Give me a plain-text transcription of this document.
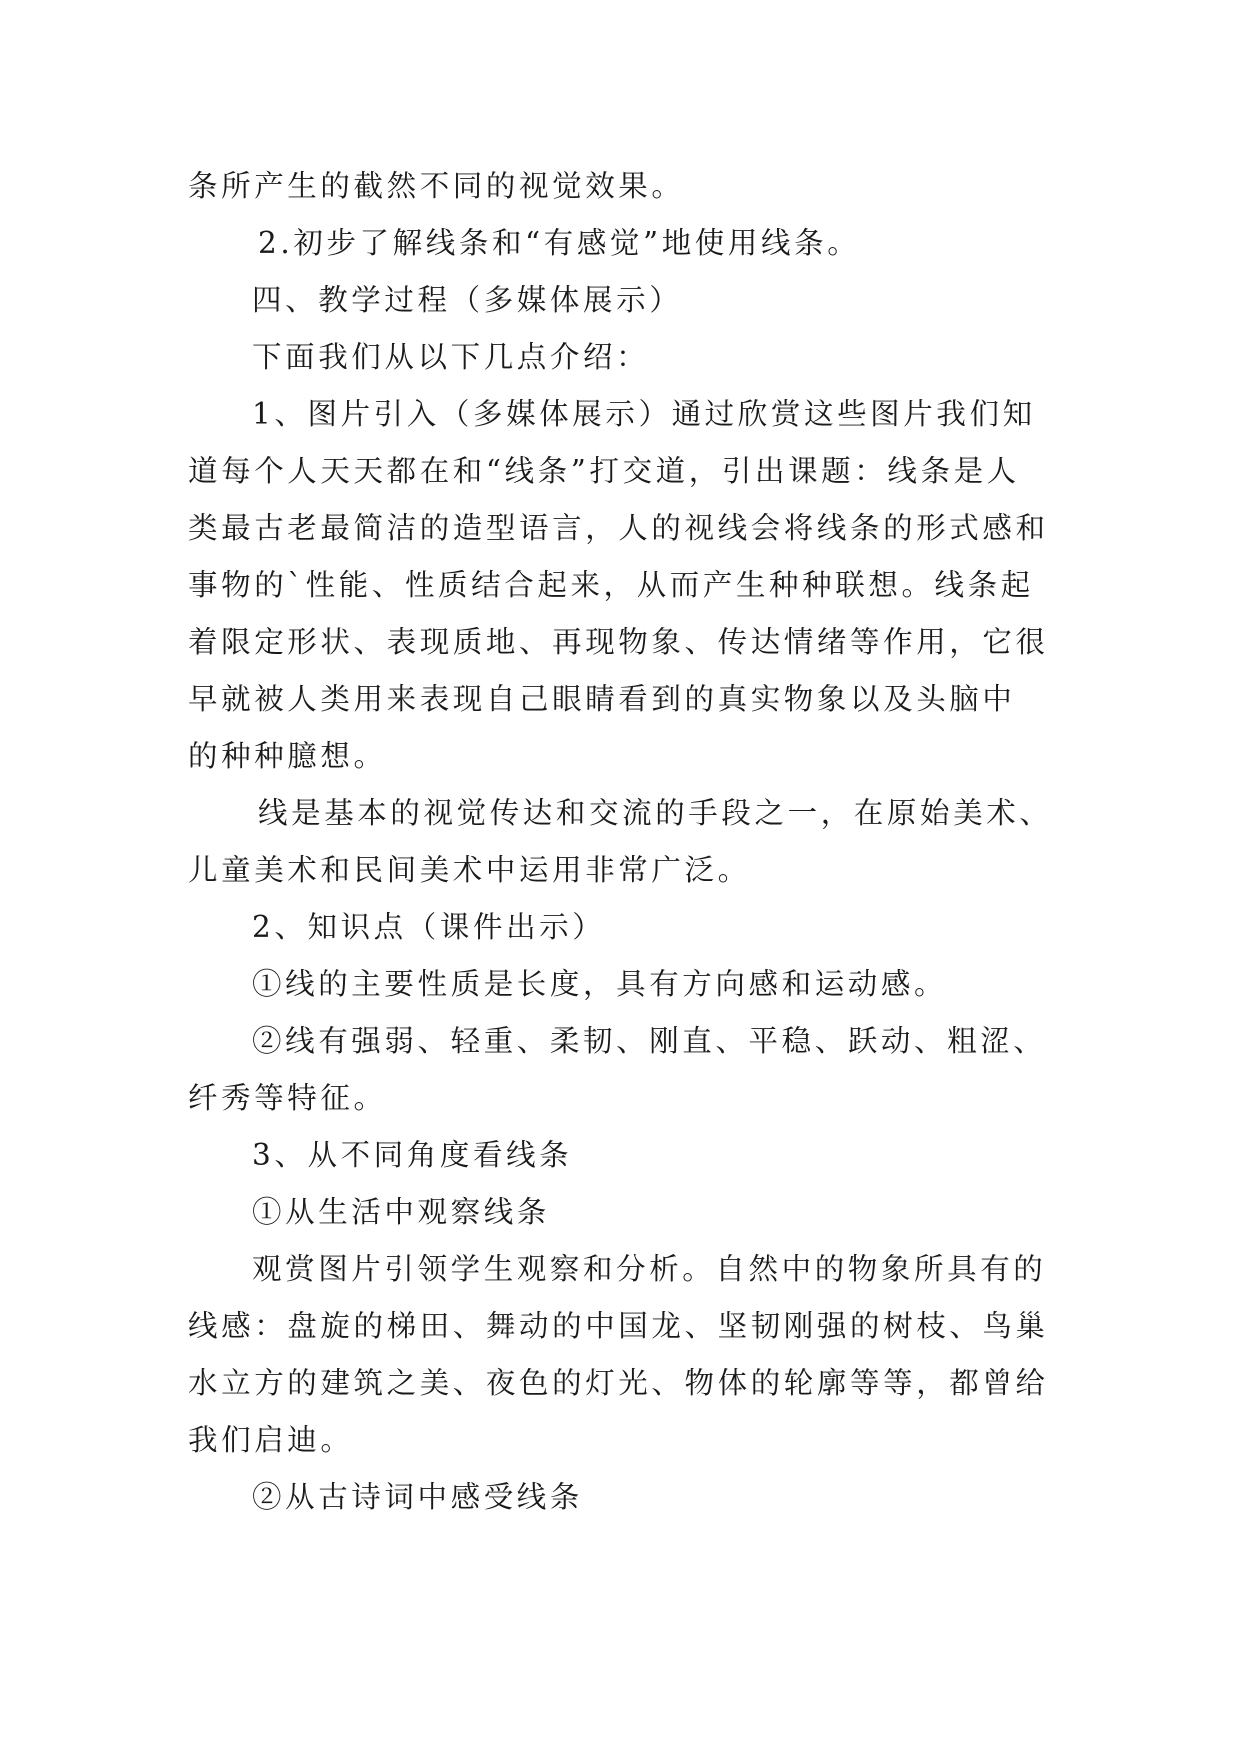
条所产生的截然不同的视觉效果。
2.初步了解线条和“有感觉”地使用线条。
四、教学过程（多媒体展示）
下面我们从以下几点介绍：
1、图片引入（多媒体展示）通过欣赏这些图片我们知
道每个人天天都在和“线条”打交道，引出课题：线条是人
类最古老最简洁的造型语言，人的视线会将线条的形式感和
事物的`性能、性质结合起来，从而产生种种联想。线条起
着限定形状、表现质地、再现物象、传达情绪等作用，它很
早就被人类用来表现自己眼睛看到的真实物象以及头脑中
的种种臆想。
线是基本的视觉传达和交流的手段之一，在原始美术、
儿童美术和民间美术中运用非常广泛。
2、知识点（课件出示）
①线的主要性质是长度，具有方向感和运动感。
②线有强弱、轻重、柔韧、刚直、平稳、跃动、粗涩、
纤秀等特征。
3、从不同角度看线条
①从生活中观察线条
观赏图片引领学生观察和分析。自然中的物象所具有的
线感：盘旋的梯田、舞动的中国龙、坚韧刚强的树枝、鸟巢
水立方的建筑之美、夜色的灯光、物体的轮廓等等，都曾给
我们启迪。
②从古诗词中感受线条
